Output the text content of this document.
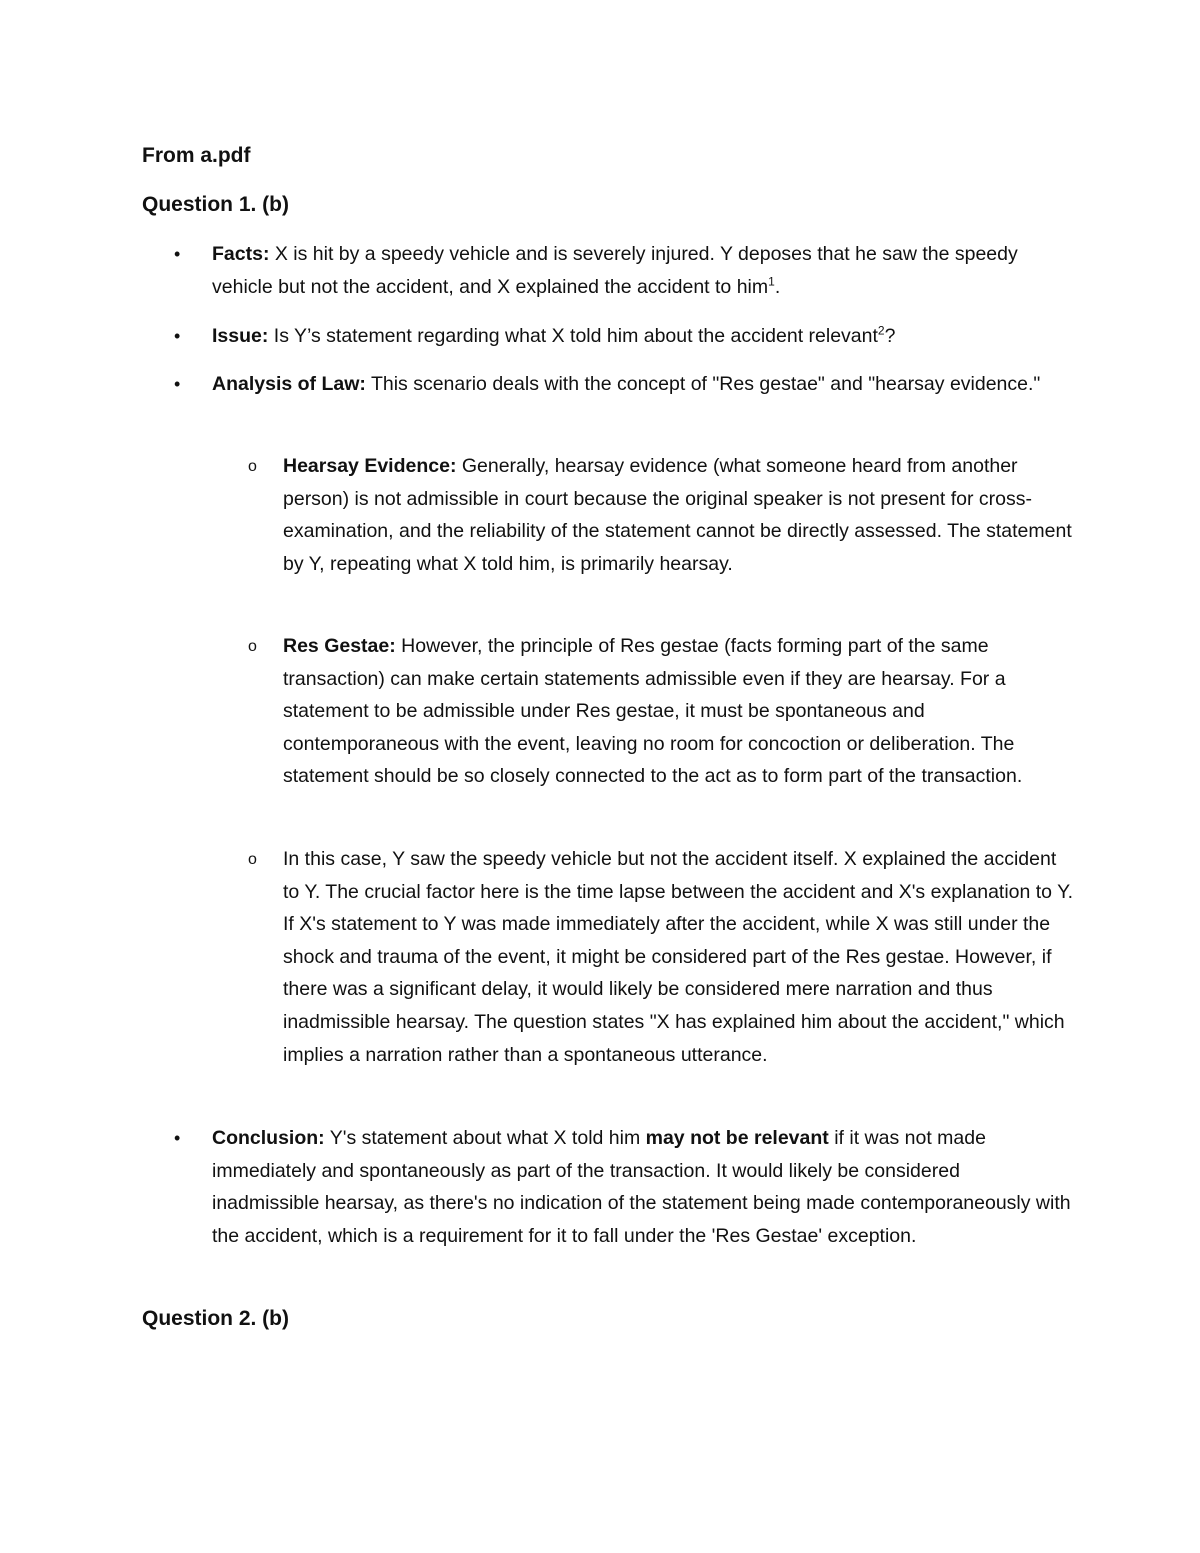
From a.pdf
Question 1. (b)
• Facts: X is hit by a speedy vehicle and is severely injured. Y deposes that he saw the speedy vehicle but not the accident, and X explained the accident to him$^1$.
• Issue: Is Y’s statement regarding what X told him about the accident relevant$^2$?
• Analysis of Law: This scenario deals with the concept of "Res gestae" and "hearsay evidence."
o Hearsay Evidence: Generally, hearsay evidence (what someone heard from another person) is not admissible in court because the original speaker is not present for cross-examination, and the reliability of the statement cannot be directly assessed. The statement by Y, repeating what X told him, is primarily hearsay.
o Res Gestae: However, the principle of Res gestae (facts forming part of the same transaction) can make certain statements admissible even if they are hearsay. For a statement to be admissible under Res gestae, it must be spontaneous and contemporaneous with the event, leaving no room for concoction or deliberation. The statement should be so closely connected to the act as to form part of the transaction.
o In this case, Y saw the speedy vehicle but not the accident itself. X explained the accident to Y. The crucial factor here is the time lapse between the accident and X's explanation to Y. If X's statement to Y was made immediately after the accident, while X was still under the shock and trauma of the event, it might be considered part of the Res gestae. However, if there was a significant delay, it would likely be considered mere narration and thus inadmissible hearsay. The question states "X has explained him about the accident," which implies a narration rather than a spontaneous utterance.
• Conclusion: Y's statement about what X told him may not be relevant if it was not made immediately and spontaneously as part of the transaction. It would likely be considered inadmissible hearsay, as there's no indication of the statement being made contemporaneously with the accident, which is a requirement for it to fall under the 'Res Gestae' exception.
Question 2. (b)
